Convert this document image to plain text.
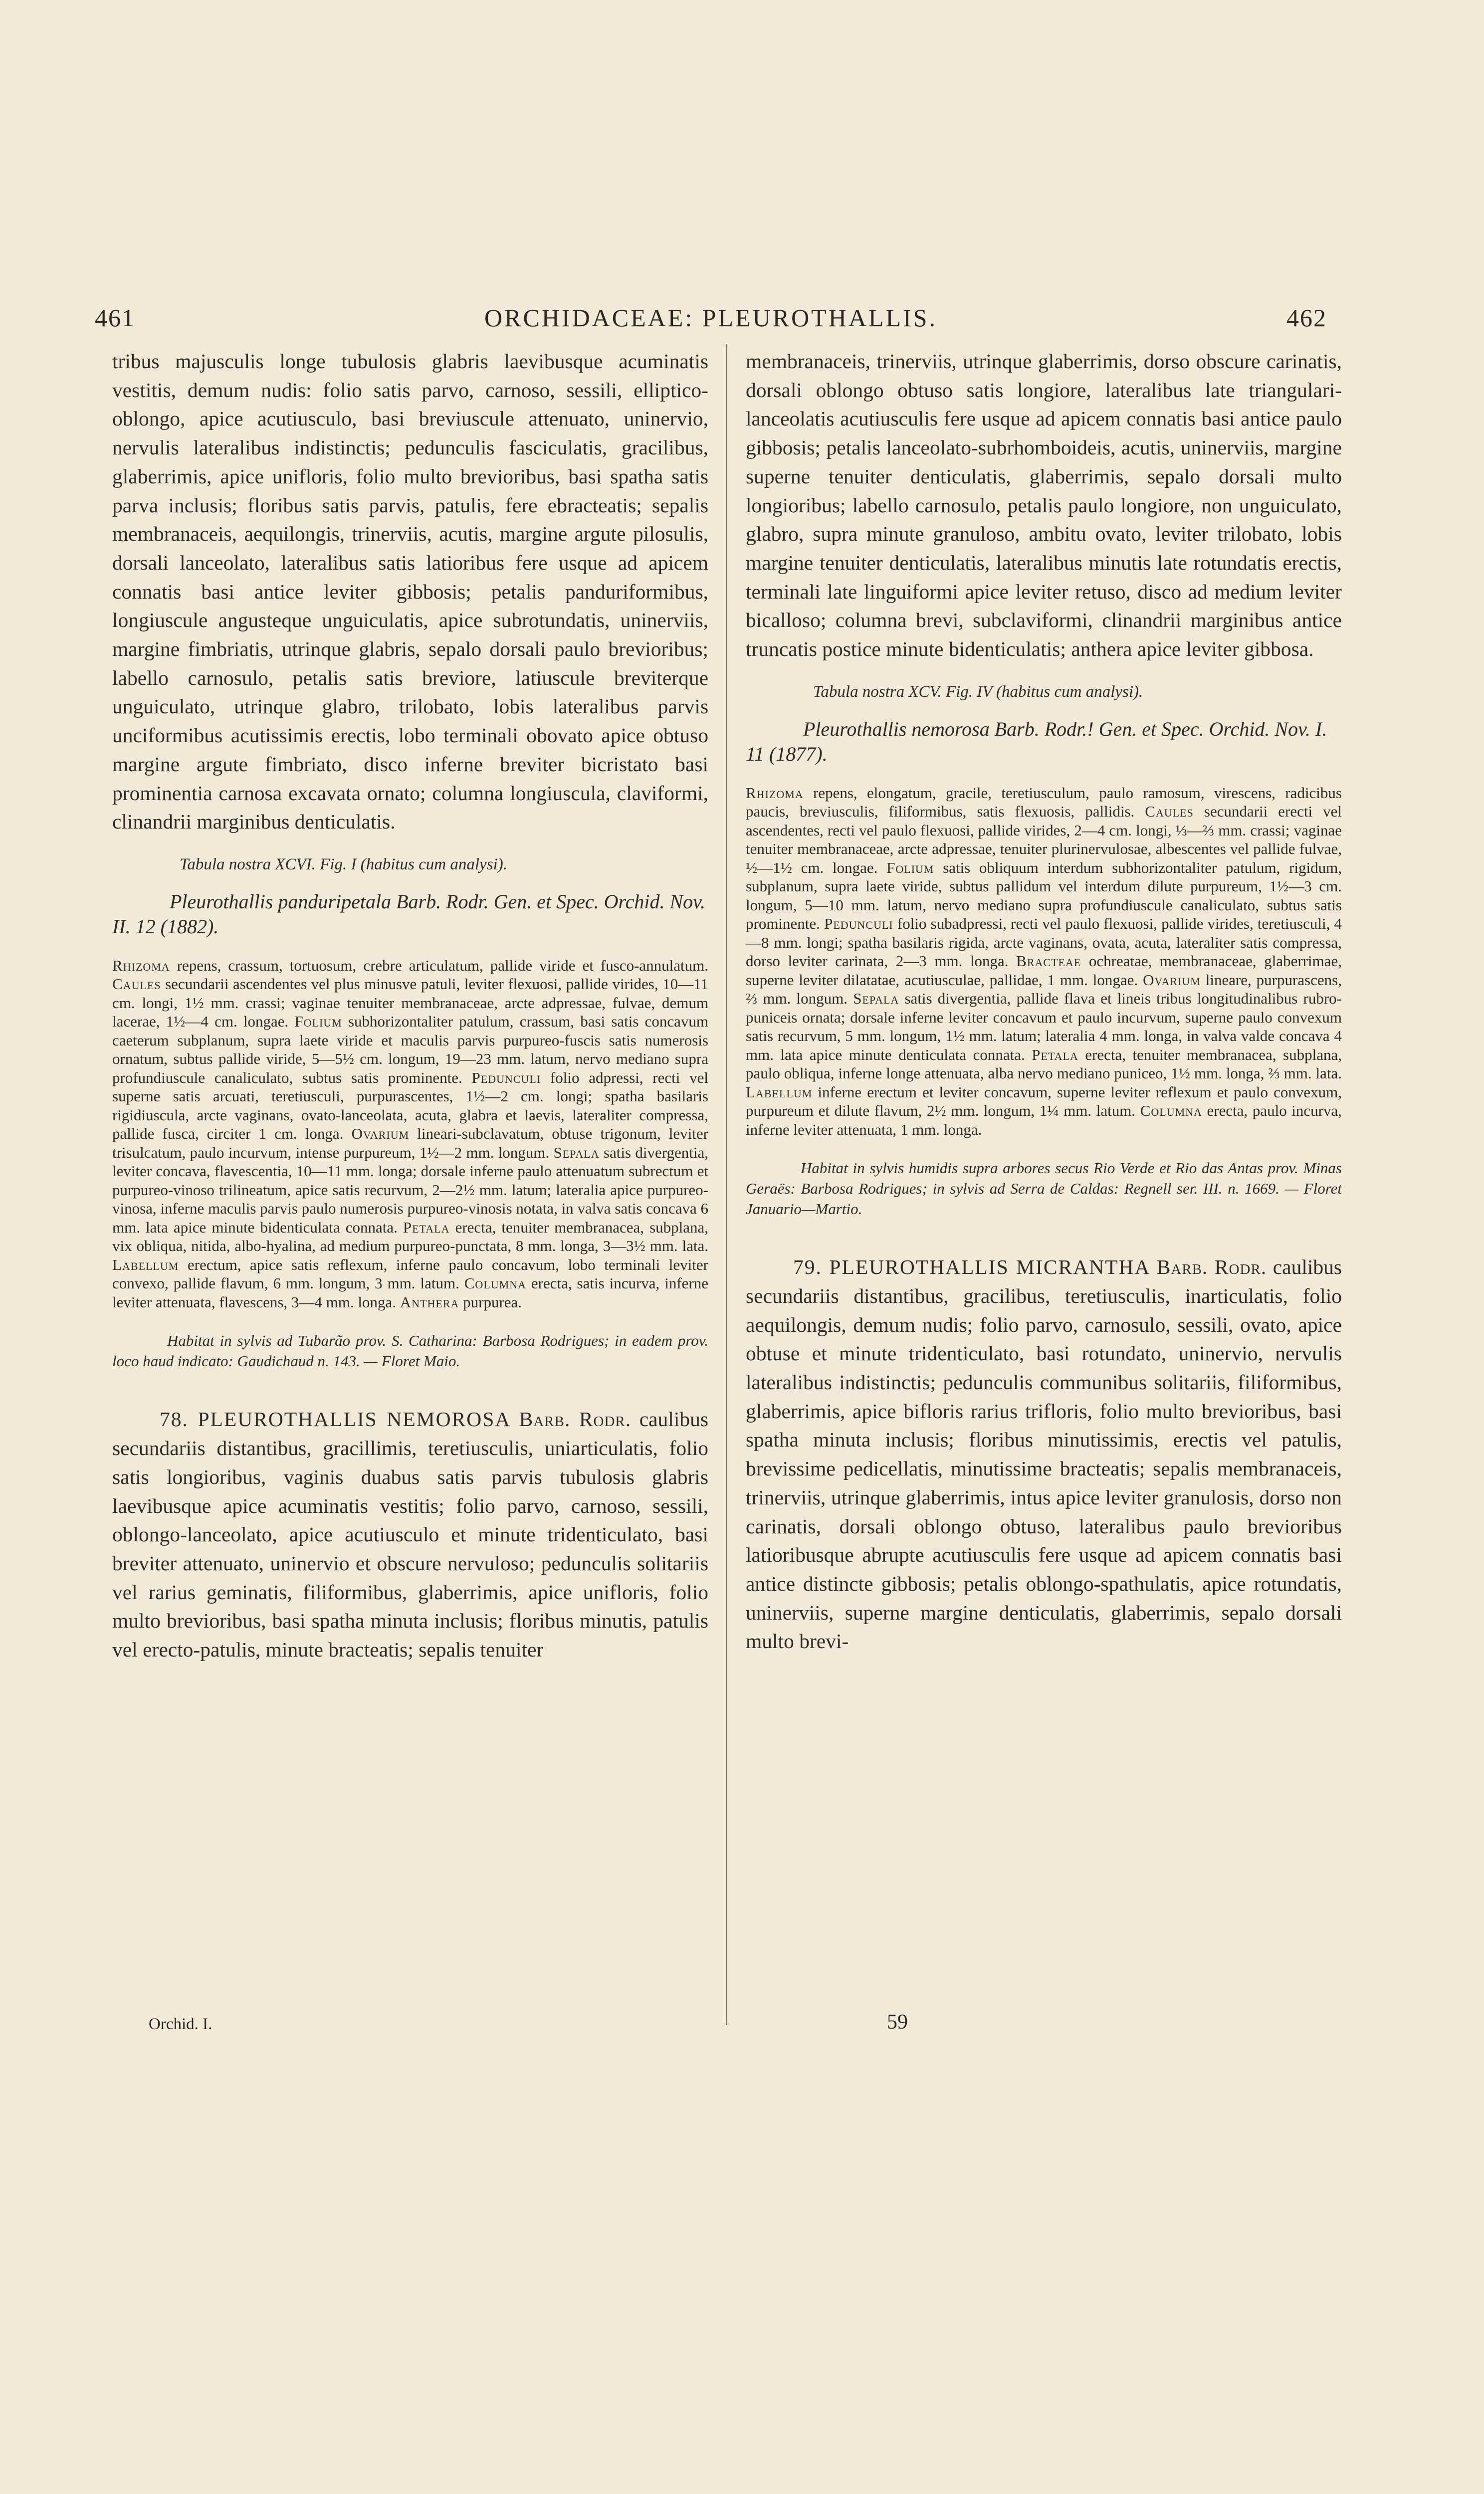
461	ORCHIDACEAE: PLEUROTHALLIS.	462

tribus majusculis longe tubulosis glabris laevibusque acuminatis vestitis, demum nudis: folio satis parvo, carnoso, sessili, elliptico-oblongo, apice acutiusculo, basi breviuscule attenuato, uninervio, nervulis lateralibus indistinctis; pedunculis fasciculatis, gracilibus, glaberrimis, apice unifloris, folio multo brevioribus, basi spatha satis parva inclusis; floribus satis parvis, patulis, fere ebracteatis; sepalis membranaceis, aequilongis, trinerviis, acutis, margine argute pilosulis, dorsali lanceolato, lateralibus satis latioribus fere usque ad apicem connatis basi antice leviter gibbosis; petalis panduriformibus, longiuscule angusteque unguiculatis, apice subrotundatis, uninerviis, margine fimbriatis, utrinque glabris, sepalo dorsali paulo brevioribus; labello carnosulo, petalis satis breviore, latiuscule breviterque unguiculato, utrinque glabro, trilobato, lobis lateralibus parvis unciformibus acutissimis erectis, lobo terminali obovato apice obtuso margine argute fimbriato, disco inferne breviter bicristato basi prominentia carnosa excavata ornato; columna longiuscula, claviformi, clinandrii marginibus denticulatis.

Tabula nostra XCVI. Fig. I (habitus cum analysi).

Pleurothallis panduripetala Barb. Rodr. Gen. et Spec. Orchid. Nov. II. 12 (1882).

Rhizoma repens, crassum, tortuosum, crebre articulatum, pallide viride et fusco-annulatum. Caules secundarii ascendentes vel plus minusve patuli, leviter flexuosi, pallide virides, 10—11 cm. longi, 1½ mm. crassi; vaginae tenuiter membranaceae, arcte adpressae, fulvae, demum lacerae, 1½—4 cm. longae. Folium subhorizontaliter patulum, crassum, basi satis concavum caeterum subplanum, supra laete viride et maculis parvis purpureo-fuscis satis numerosis ornatum, subtus pallide viride, 5—5½ cm. longum, 19—23 mm. latum, nervo mediano supra profundiuscule canaliculato, subtus satis prominente. Pedunculi folio adpressi, recti vel superne satis arcuati, teretiusculi, purpurascentes, 1½—2 cm. longi; spatha basilaris rigidiuscula, arcte vaginans, ovato-lanceolata, acuta, glabra et laevis, lateraliter compressa, pallide fusca, circiter 1 cm. longa. Ovarium lineari-subclavatum, obtuse trigonum, leviter trisulcatum, paulo incurvum, intense purpureum, 1½—2 mm. longum. Sepala satis divergentia, leviter concava, flavescentia, 10—11 mm. longa; dorsale inferne paulo attenuatum subrectum et purpureo-vinoso trilineatum, apice satis recurvum, 2—2½ mm. latum; lateralia apice purpureo-vinosa, inferne maculis parvis paulo numerosis purpureo-vinosis notata, in valva satis concava 6 mm. lata apice minute bidenticulata connata. Petala erecta, tenuiter membranacea, subplana, vix obliqua, nitida, albo-hyalina, ad medium purpureo-punctata, 8 mm. longa, 3—3½ mm. lata. Labellum erectum, apice satis reflexum, inferne paulo concavum, lobo terminali leviter convexo, pallide flavum, 6 mm. longum, 3 mm. latum. Columna erecta, satis incurva, inferne leviter attenuata, flavescens, 3—4 mm. longa. Anthera purpurea.

Habitat in sylvis ad Tubarão prov. S. Catharina: Barbosa Rodrigues; in eadem prov. loco haud indicato: Gaudichaud n. 143. — Floret Maio.

78. PLEUROTHALLIS NEMOROSA Barb. Rodr. caulibus secundariis distantibus, gracillimis, teretiusculis, uniarticulatis, folio satis longioribus, vaginis duabus satis parvis tubulosis glabris laevibusque apice acuminatis vestitis; folio parvo, carnoso, sessili, oblongo-lanceolato, apice acutiusculo et minute tridenticulato, basi breviter attenuato, uninervio et obscure nervuloso; pedunculis solitariis vel rarius geminatis, filiformibus, glaberrimis, apice unifloris, folio multo brevioribus, basi spatha minuta inclusis; floribus minutis, patulis vel erecto-patulis, minute bracteatis; sepalis tenuiter

membranaceis, trinerviis, utrinque glaberrimis, dorso obscure carinatis, dorsali oblongo obtuso satis longiore, lateralibus late triangulari-lanceolatis acutiusculis fere usque ad apicem connatis basi antice paulo gibbosis; petalis lanceolato-subrhomboideis, acutis, uninerviis, margine superne tenuiter denticulatis, glaberrimis, sepalo dorsali multo longioribus; labello carnosulo, petalis paulo longiore, non unguiculato, glabro, supra minute granuloso, ambitu ovato, leviter trilobato, lobis margine tenuiter denticulatis, lateralibus minutis late rotundatis erectis, terminali late linguiformi apice leviter retuso, disco ad medium leviter bicalloso; columna brevi, subclaviformi, clinandrii marginibus antice truncatis postice minute bidenticulatis; anthera apice leviter gibbosa.

Tabula nostra XCV. Fig. IV (habitus cum analysi).

Pleurothallis nemorosa Barb. Rodr.! Gen. et Spec. Orchid. Nov. I. 11 (1877).

Rhizoma repens, elongatum, gracile, teretiusculum, paulo ramosum, virescens, radicibus paucis, breviusculis, filiformibus, satis flexuosis, pallidis. Caules secundarii erecti vel ascendentes, recti vel paulo flexuosi, pallide virides, 2—4 cm. longi, ⅓—⅔ mm. crassi; vaginae tenuiter membranaceae, arcte adpressae, tenuiter plurinervulosae, albescentes vel pallide fulvae, ½—1½ cm. longae. Folium satis obliquum interdum subhorizontaliter patulum, rigidum, subplanum, supra laete viride, subtus pallidum vel interdum dilute purpureum, 1½—3 cm. longum, 5—10 mm. latum, nervo mediano supra profundiuscule canaliculato, subtus satis prominente. Pedunculi folio subadpressi, recti vel paulo flexuosi, pallide virides, teretiusculi, 4—8 mm. longi; spatha basilaris rigida, arcte vaginans, ovata, acuta, lateraliter satis compressa, dorso leviter carinata, 2—3 mm. longa. Bracteae ochreatae, membranaceae, glaberrimae, superne leviter dilatatae, acutiusculae, pallidae, 1 mm. longae. Ovarium lineare, purpurascens, ⅔ mm. longum. Sepala satis divergentia, pallide flava et lineis tribus longitudinalibus rubro-puniceis ornata; dorsale inferne leviter concavum et paulo incurvum, superne paulo convexum satis recurvum, 5 mm. longum, 1½ mm. latum; lateralia 4 mm. longa, in valva valde concava 4 mm. lata apice minute denticulata connata. Petala erecta, tenuiter membranacea, subplana, paulo obliqua, inferne longe attenuata, alba nervo mediano puniceo, 1½ mm. longa, ⅔ mm. lata. Labellum inferne erectum et leviter concavum, superne leviter reflexum et paulo convexum, purpureum et dilute flavum, 2½ mm. longum, 1¼ mm. latum. Columna erecta, paulo incurva, inferne leviter attenuata, 1 mm. longa.

Habitat in sylvis humidis supra arbores secus Rio Verde et Rio das Antas prov. Minas Geraës: Barbosa Rodrigues; in sylvis ad Serra de Caldas: Regnell ser. III. n. 1669. — Floret Januario—Martio.

79. PLEUROTHALLIS MICRANTHA Barb. Rodr. caulibus secundariis distantibus, gracilibus, teretiusculis, inarticulatis, folio aequilongis, demum nudis; folio parvo, carnosulo, sessili, ovato, apice obtuse et minute tridenticulato, basi rotundato, uninervio, nervulis lateralibus indistinctis; pedunculis communibus solitariis, filiformibus, glaberrimis, apice bifloris rarius trifloris, folio multo brevioribus, basi spatha minuta inclusis; floribus minutissimis, erectis vel patulis, brevissime pedicellatis, minutissime bracteatis; sepalis membranaceis, trinerviis, utrinque glaberrimis, intus apice leviter granulosis, dorso non carinatis, dorsali oblongo obtuso, lateralibus paulo brevioribus latioribusque abrupte acutiusculis fere usque ad apicem connatis basi antice distincte gibbosis; petalis oblongo-spathulatis, apice rotundatis, uninerviis, superne margine denticulatis, glaberrimis, sepalo dorsali multo brevi-

Orchid. I.	59
